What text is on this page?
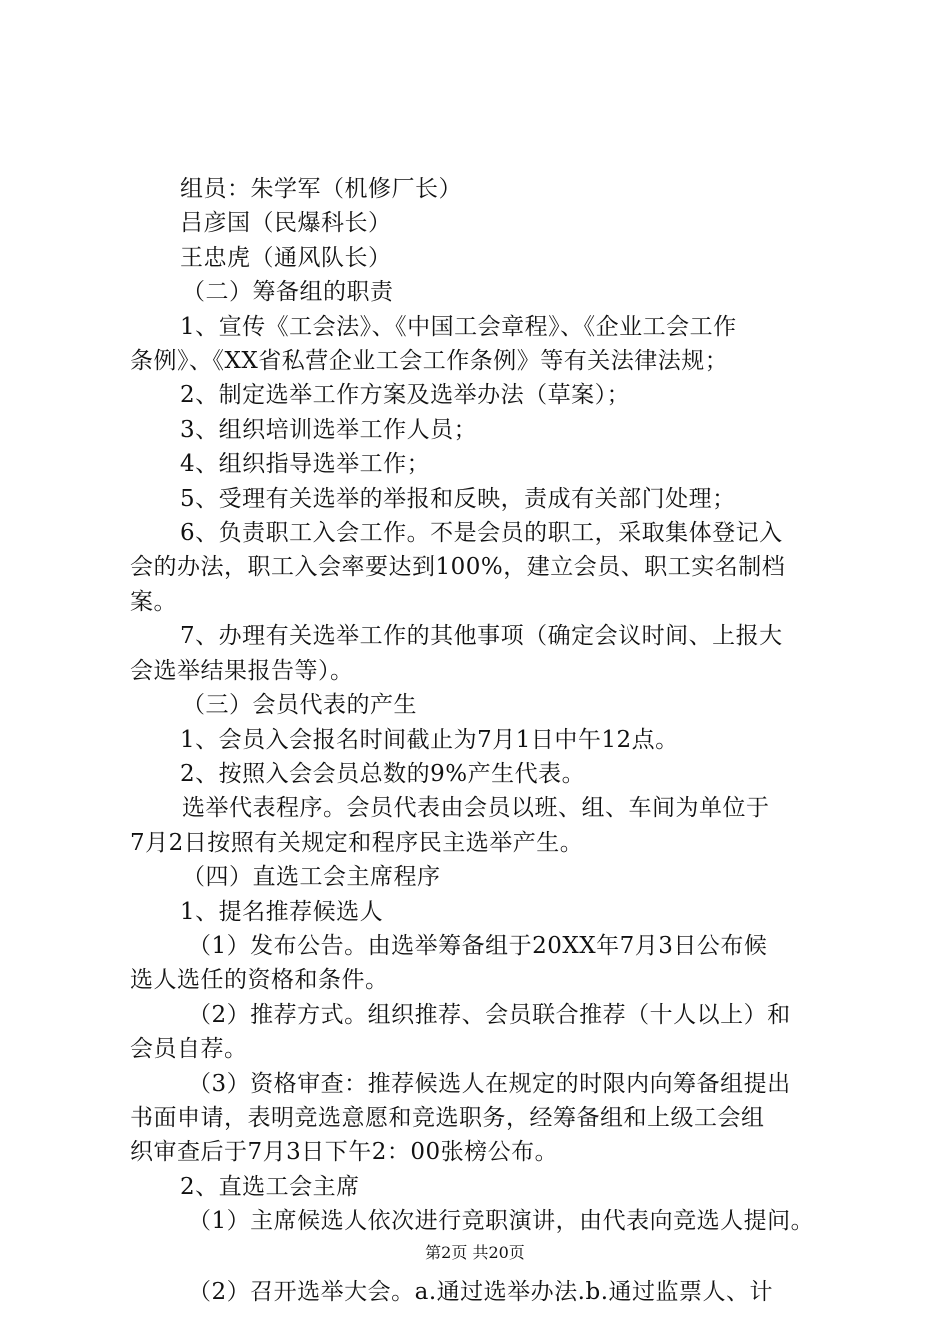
组员：朱学军（机修厂长）

吕彦国（民爆科长）

王忠虎（通风队长）

（二）筹备组的职责

1、宣传《工会法》、《中国工会章程》、《企业工会工作

条例》、《XX省私营企业工会工作条例》等有关法律法规；

2、制定选举工作方案及选举办法（草案）；

3、组织培训选举工作人员；

4、组织指导选举工作；

5、受理有关选举的举报和反映，责成有关部门处理；

6、负责职工入会工作。不是会员的职工，采取集体登记入

会的办法，职工入会率要达到100%，建立会员、职工实名制档

案。

7、办理有关选举工作的其他事项（确定会议时间、上报大

会选举结果报告等）。

（三）会员代表的产生

1、会员入会报名时间截止为7月1日中午12点。

2、按照入会会员总数的9%产生代表。

选举代表程序。会员代表由会员以班、组、车间为单位于

7月2日按照有关规定和程序民主选举产生。

（四）直选工会主席程序

1、提名推荐候选人

（1）发布公告。由选举筹备组于20XX年7月3日公布候

选人选任的资格和条件。

（2）推荐方式。组织推荐、会员联合推荐（十人以上）和

会员自荐。

（3）资格审查：推荐候选人在规定的时限内向筹备组提出

书面申请，表明竞选意愿和竞选职务，经筹备组和上级工会组

织审查后于7月3日下午2：00张榜公布。

2、直选工会主席

（1）主席候选人依次进行竞职演讲，由代表向竞选人提问。

（2）召开选举大会。a.通过选举办法.b.通过监票人、计

第2页 共20页
